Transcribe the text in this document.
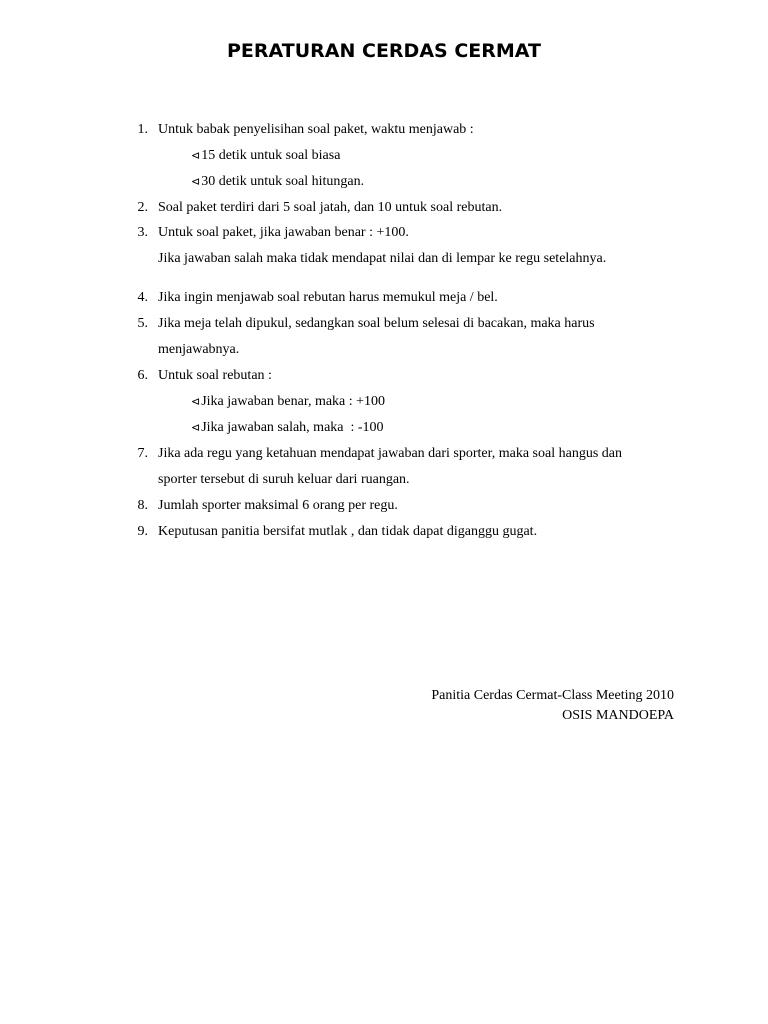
PERATURAN CERDAS CERMAT
1. Untuk babak penyelisihan soal paket, waktu menjawab :
⊲15 detik untuk soal biasa
⊲30 detik untuk soal hitungan.
2. Soal paket terdiri dari 5 soal jatah, dan 10 untuk soal rebutan.
3. Untuk soal paket, jika jawaban benar : +100.
Jika jawaban salah maka tidak mendapat nilai dan di lempar ke regu setelahnya.
4. Jika ingin menjawab soal rebutan harus memukul meja / bel.
5. Jika meja telah dipukul, sedangkan soal belum selesai di bacakan, maka harus
menjawabnya.
6. Untuk soal rebutan :
⊲Jika jawaban benar, maka : +100
⊲Jika jawaban salah, maka  : -100
7. Jika ada regu yang ketahuan mendapat jawaban dari sporter, maka soal hangus dan
sporter tersebut di suruh keluar dari ruangan.
8. Jumlah sporter maksimal 6 orang per regu.
9. Keputusan panitia bersifat mutlak , dan tidak dapat diganggu gugat.
Panitia Cerdas Cermat-Class Meeting 2010
OSIS MANDOEPA
